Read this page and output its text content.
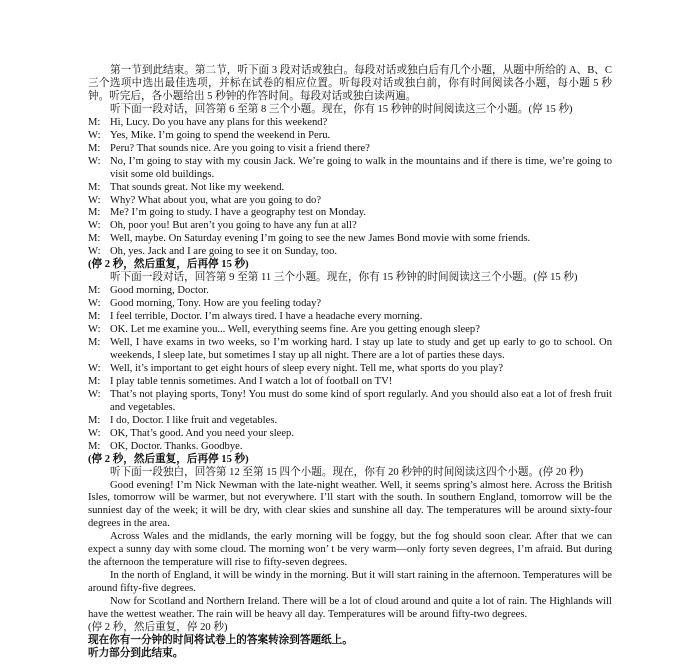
第一节到此结束。第二节，听下面 3 段对话或独白。每段对话或独白后有几个小题，从题中所给的 A、B、C 三个选项中选出最佳选项，并标在试卷的相应位置。听每段对话或独白前，你有时间阅读各小题，每小题 5 秒钟。听完后，各小题给出 5 秒钟的作答时间。每段对话或独白读两遍。

听下面一段对话，回答第 6 至第 8 三个小题。现在，你有 15 秒钟的时间阅读这三个小题。(停 15 秒)

M: Hi, Lucy. Do you have any plans for this weekend?

W: Yes, Mike. I’m going to spend the weekend in Peru.

M: Peru? That sounds nice. Are you going to visit a friend there?

W: No, I’m going to stay with my cousin Jack. We’re going to walk in the mountains and if there is time, we’re going to visit some old buildings.

M: That sounds great. Not like my weekend.

W: Why? What about you, what are you going to do?

M: Me? I’m going to study. I have a geography test on Monday.

W: Oh, poor you! But aren’t you going to have any fun at all?

M: Well, maybe. On Saturday evening I’m going to see the new James Bond movie with some friends.

W: Oh, yes. Jack and I are going to see it on Sunday, too.

(停 2 秒，然后重复，后再停 15 秒)

听下面一段对话，回答第 9 至第 11 三个小题。现在，你有 15 秒钟的时间阅读这三个小题。(停 15 秒)

M: Good morning, Doctor.

W: Good morning, Tony. How are you feeling today?

M: I feel terrible, Doctor. I’m always tired. I have a headache every morning.

W: OK. Let me examine you... Well, everything seems fine. Are you getting enough sleep?

M: Well, I have exams in two weeks, so I’m working hard. I stay up late to study and get up early to go to school. On weekends, I sleep late, but sometimes I stay up all night. There are a lot of parties these days.

W: Well, it’s important to get eight hours of sleep every night. Tell me, what sports do you play?

M: I play table tennis sometimes. And I watch a lot of football on TV!

W: That’s not playing sports, Tony! You must do some kind of sport regularly. And you should also eat a lot of fresh fruit and vegetables.

M: I do, Doctor. I like fruit and vegetables.

W: OK, That’s good. And you need your sleep.

M: OK, Doctor. Thanks. Goodbye.

(停 2 秒，然后重复，后再停 15 秒)

听下面一段独白，回答第 12 至第 15 四个小题。现在，你有 20 秒钟的时间阅读这四个小题。(停 20 秒)

Good evening! I’m Nick Newman with the late-night weather. Well, it seems spring’s almost here. Across the British Isles, tomorrow will be warmer, but not everywhere. I’ll start with the south. In southern England, tomorrow will be the sunniest day of the week; it will be dry, with clear skies and sunshine all day. The temperatures will be around sixty-four degrees in the area.

Across Wales and the midlands, the early morning will be foggy, but the fog should soon clear. After that we can expect a sunny day with some cloud. The morning won’ t be very warm—only forty seven degrees, I’m afraid. But during the afternoon the temperature will rise to fifty-seven degrees.

In the north of England, it will be windy in the morning. But it will start raining in the afternoon. Temperatures will be around fifty-five degrees.

Now for Scotland and Northern Ireland. There will be a lot of cloud around and quite a lot of rain. The Highlands will have the wettest weather. The rain will be heavy all day. Temperatures will be around fifty-two degrees.

(停 2 秒，然后重复，停 20 秒)

现在你有一分钟的时间将试卷上的答案转涂到答题纸上。

听力部分到此结束。
